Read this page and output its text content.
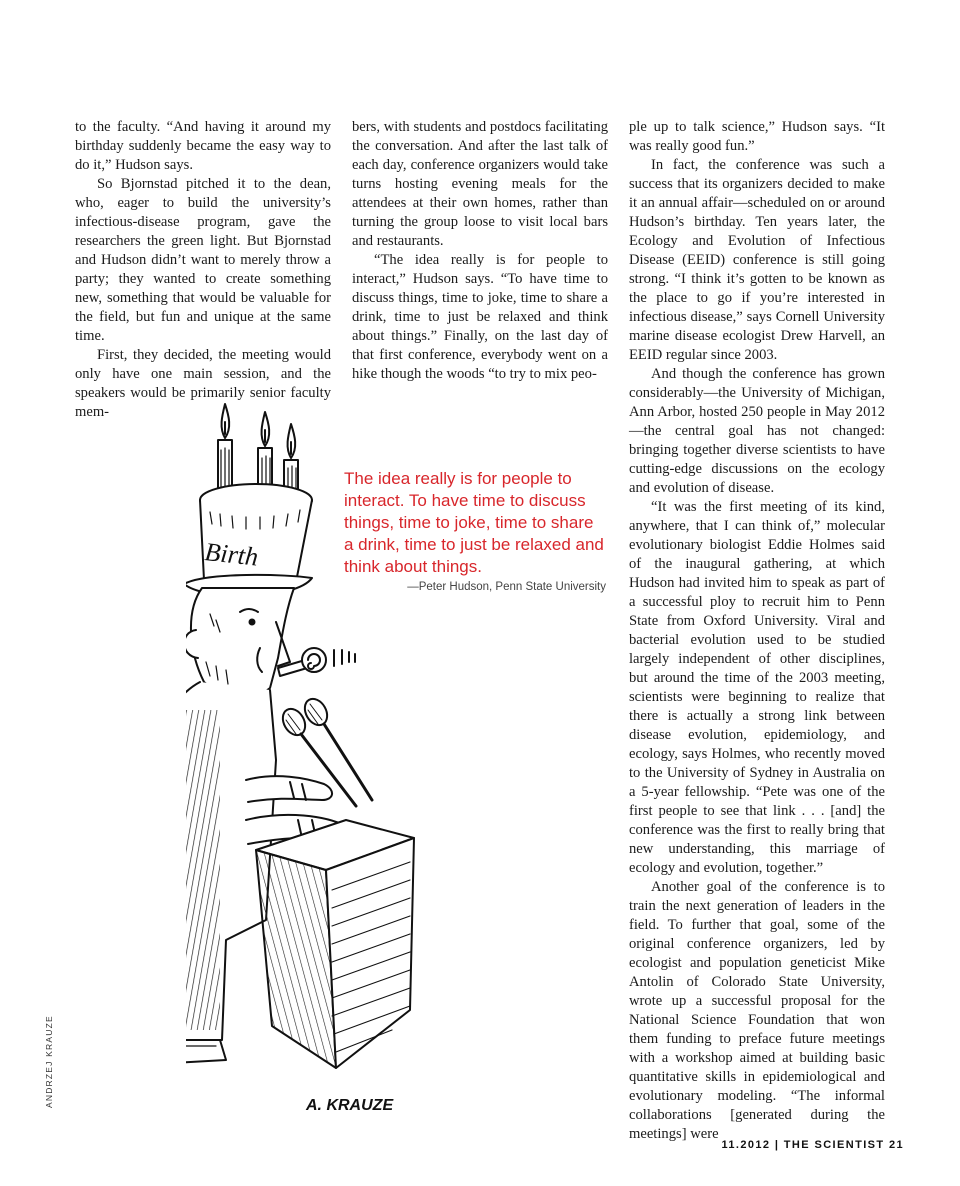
to the faculty. “And having it around my birthday suddenly became the easy way to do it,” Hudson says.

So Bjornstad pitched it to the dean, who, eager to build the university’s infectious-disease program, gave the researchers the green light. But Bjornstad and Hudson didn’t want to merely throw a party; they wanted to create something new, something that would be valuable for the field, but fun and unique at the same time.

First, they decided, the meeting would only have one main session, and the speakers would be primarily senior faculty mem-

bers, with students and postdocs facilitating the conversation. And after the last talk of each day, conference organizers would take turns hosting evening meals for the attendees at their own homes, rather than turning the group loose to visit local bars and restaurants.

“The idea really is for people to interact,” Hudson says. “To have time to discuss things, time to joke, time to share a drink, time to just be relaxed and think about things.” Finally, on the last day of that first conference, everybody went on a hike though the woods “to try to mix peo-

ple up to talk science,” Hudson says. “It was really good fun.”

In fact, the conference was such a success that its organizers decided to make it an annual affair—scheduled on or around Hudson’s birthday. Ten years later, the Ecology and Evolution of Infectious Disease (EEID) conference is still going strong. “I think it’s gotten to be known as the place to go if you’re interested in infectious disease,” says Cornell University marine disease ecologist Drew Harvell, an EEID regular since 2003.

And though the conference has grown considerably—the University of Michigan, Ann Arbor, hosted 250 people in May 2012—the central goal has not changed: bringing together diverse scientists to have cutting-edge discussions on the ecology and evolution of disease.

“It was the first meeting of its kind, anywhere, that I can think of,” molecular evolutionary biologist Eddie Holmes said of the inaugural gathering, at which Hudson had invited him to speak as part of a successful ploy to recruit him to Penn State from Oxford University. Viral and bacterial evolution used to be studied largely independent of other disciplines, but around the time of the 2003 meeting, scientists were beginning to realize that there is actually a strong link between disease evolution, epidemiology, and ecology, says Holmes, who recently moved to the University of Sydney in Australia on a 5-year fellowship. “Pete was one of the first people to see that link . . . [and] the conference was the first to really bring that new understanding, this marriage of ecology and evolution, together.”

Another goal of the conference is to train the next generation of leaders in the field. To further that goal, some of the original conference organizers, led by ecologist and population geneticist Mike Antolin of Colorado State University, wrote up a successful proposal for the National Science Foundation that won them funding to preface future meetings with a workshop aimed at building basic quantitative skills in epidemiological and evolutionary modeling. “The informal collaborations [generated during the meetings] were

The idea really is for people to interact. To have time to discuss things, time to joke, time to share a drink, time to just be relaxed and think about things.

—Peter Hudson, Penn State University
Birth
A. KRAUZE
ANDRZEJ KRAUZE
11.2012 | THE SCIENTIST 21
